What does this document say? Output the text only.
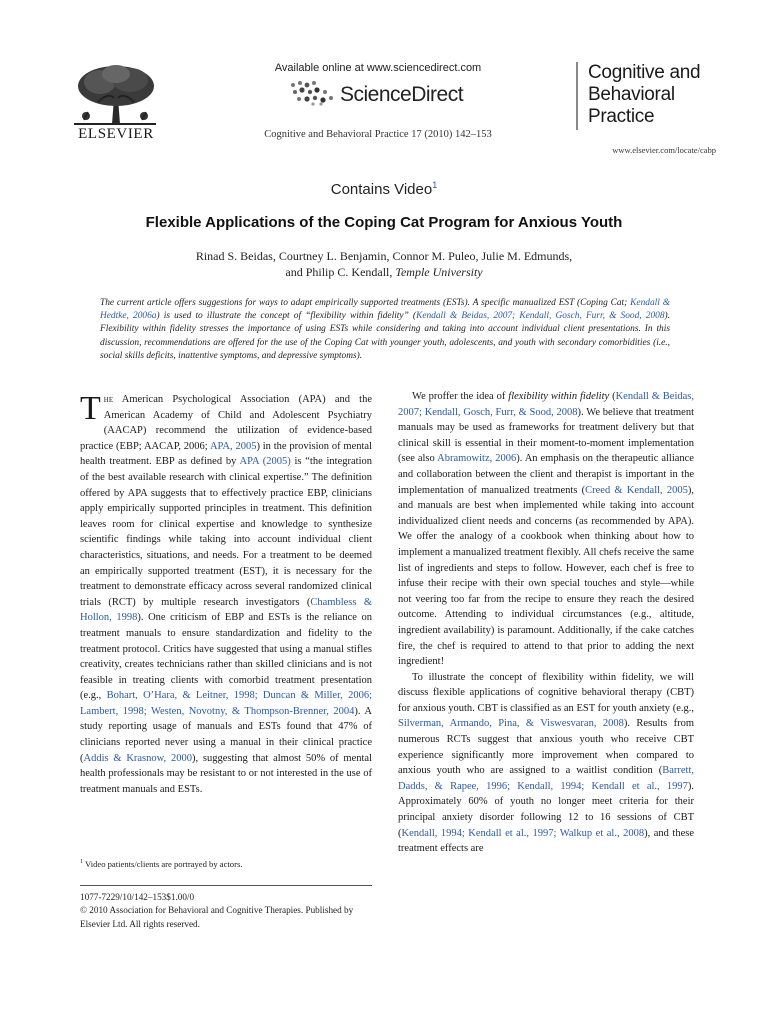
ELSEVIER
Available online at www.sciencedirect.com
ScienceDirect
Cognitive and Behavioral Practice 17 (2010) 142–153
Cognitive and
Behavioral
Practice
www.elsevier.com/locate/cabp
Contains Video$^1$
Flexible Applications of the Coping Cat Program for Anxious Youth
Rinad S. Beidas, Courtney L. Benjamin, Connor M. Puleo, Julie M. Edmunds,
and Philip C. Kendall, Temple University
The current article offers suggestions for ways to adapt empirically supported treatments (ESTs). A specific manualized EST (Coping Cat; Kendall & Hedtke, 2006a) is used to illustrate the concept of “flexibility within fidelity” (Kendall & Beidas, 2007; Kendall, Gosch, Furr, & Sood, 2008). Flexibility within fidelity stresses the importance of using ESTs while considering and taking into account individual client presentations. In this discussion, recommendations are offered for the use of the Coping Cat with younger youth, adolescents, and youth with secondary comorbidities (i.e., social skills deficits, inattentive symptoms, and depressive symptoms).

The American Psychological Association (APA) and the American Academy of Child and Adolescent Psychiatry (AACAP) recommend the utilization of evidence-based practice (EBP; AACAP, 2006; APA, 2005) in the provision of mental health treatment. EBP as defined by APA (2005) is “the integration of the best available research with clinical expertise.” The definition offered by APA suggests that to effectively practice EBP, clinicians apply empirically supported principles in treatment. This definition leaves room for clinical expertise and knowledge to synthesize scientific findings while taking into account individual client characteristics, situations, and needs. For a treatment to be deemed an empirically supported treatment (EST), it is necessary for the treatment to demonstrate efficacy across several randomized clinical trials (RCT) by multiple research investigators (Chambless & Hollon, 1998). One criticism of EBP and ESTs is the reliance on treatment manuals to ensure standardization and fidelity to the treatment protocol. Critics have suggested that using a manual stifles creativity, creates technicians rather than skilled clinicians and is not feasible in treating clients with comorbid treatment presentation (e.g., Bohart, O’Hara, & Leitner, 1998; Duncan & Miller, 2006; Lambert, 1998; Westen, Novotny, & Thompson-Brenner, 2004). A study reporting usage of manuals and ESTs found that 47% of clinicians reported never using a manual in their clinical practice (Addis & Krasnow, 2000), suggesting that almost 50% of mental health professionals may be resistant to or not interested in the use of treatment manuals and ESTs.

$^1$ Video patients/clients are portrayed by actors.
1077-7229/10/142–153$1.00/0
© 2010 Association for Behavioral and Cognitive Therapies. Published by Elsevier Ltd. All rights reserved.

We proffer the idea of flexibility within fidelity (Kendall & Beidas, 2007; Kendall, Gosch, Furr, & Sood, 2008). We believe that treatment manuals may be used as frameworks for treatment delivery but that clinical skill is essential in their moment-to-moment implementation (see also Abramowitz, 2006). An emphasis on the therapeutic alliance and collaboration between the client and therapist is important in the implementation of manualized treatments (Creed & Kendall, 2005), and manuals are best when implemented while taking into account individualized client needs and concerns (as recommended by APA). We offer the analogy of a cookbook when thinking about how to implement a manualized treatment flexibly. All chefs receive the same list of ingredients and steps to follow. However, each chef is free to infuse their recipe with their own special touches and style—while not veering too far from the recipe to ensure they reach the desired outcome. Attending to individual circumstances (e.g., altitude, ingredient availability) is paramount. Additionally, if the cake catches fire, the chef is required to attend to that prior to adding the next ingredient!

To illustrate the concept of flexibility within fidelity, we will discuss flexible applications of cognitive behavioral therapy (CBT) for anxious youth. CBT is classified as an EST for youth anxiety (e.g., Silverman, Armando, Pina, & Viswesvaran, 2008). Results from numerous RCTs suggest that anxious youth who receive CBT experience significantly more improvement when compared to anxious youth who are assigned to a waitlist condition (Barrett, Dadds, & Rapee, 1996; Kendall, 1994; Kendall et al., 1997). Approximately 60% of youth no longer meet criteria for their principal anxiety disorder following 12 to 16 sessions of CBT (Kendall, 1994; Kendall et al., 1997; Walkup et al., 2008), and these treatment effects are
